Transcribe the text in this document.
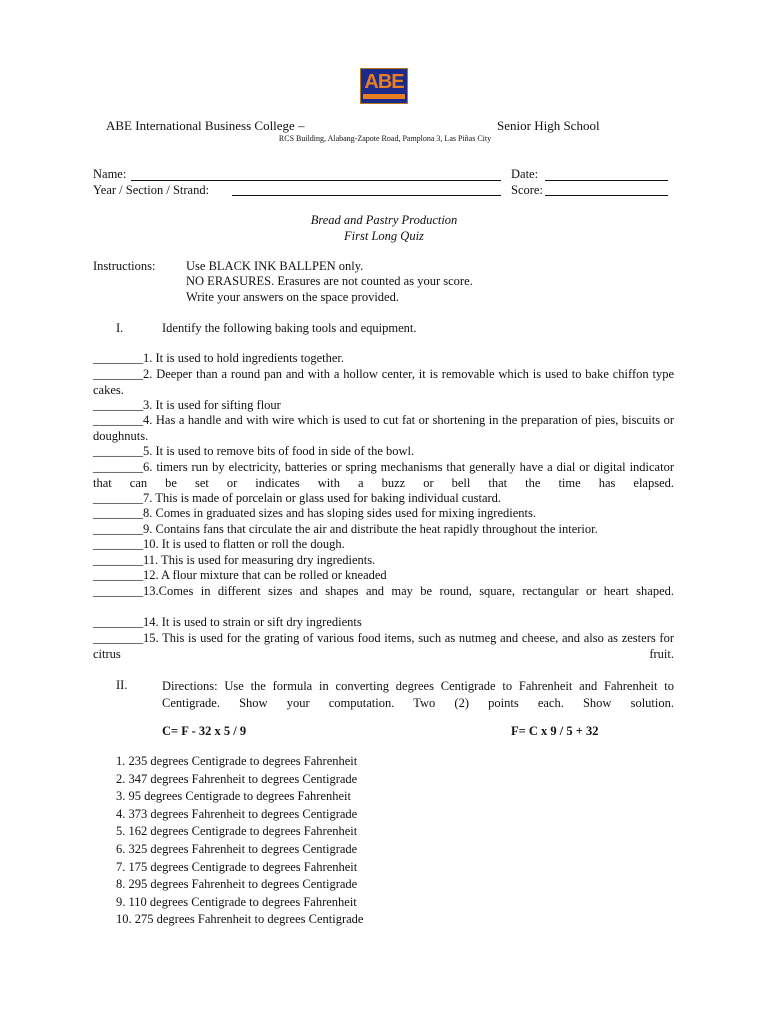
ABE
ABE International Business College –	Senior High School
RCS Building, Alabang-Zapote Road, Pamplona 3, Las Piñas City
Name:	Date:
Year / Section / Strand:	Score:
Bread and Pastry Production
First Long Quiz
Instructions: Use BLACK INK BALLPEN only.
NO ERASURES. Erasures are not counted as your score.
Write your answers on the space provided.
I.	Identify the following baking tools and equipment.
________1. It is used to hold ingredients together.
________2. Deeper than a round pan and with a hollow center, it is removable which is used to bake chiffon type cakes.
________3. It is used for sifting flour
________4. Has a handle and with wire which is used to cut fat or shortening in the preparation of pies, biscuits or doughnuts.
________5. It is used to remove bits of food in side of the bowl.
________6. timers run by electricity, batteries or spring mechanisms that generally have a dial or digital indicator that can be set or indicates with a buzz or bell that the time has elapsed.
________7. This is made of porcelain or glass used for baking individual custard.
________8. Comes in graduated sizes and has sloping sides used for mixing ingredients.
________9. Contains fans that circulate the air and distribute the heat rapidly throughout the interior.
________10. It is used to flatten or roll the dough.
________11. This is used for measuring dry ingredients.
________12. A flour mixture that can be rolled or kneaded
________13.Comes in different sizes and shapes and may be round, square, rectangular or heart shaped.
________14. It is used to strain or sift dry ingredients
________15. This is used for the grating of various food items, such as nutmeg and cheese, and also as zesters for citrus fruit.
II.	Directions: Use the formula in converting degrees Centigrade to Fahrenheit and Fahrenheit to Centigrade. Show your computation. Two (2) points each. Show solution.
C= F - 32 x 5 / 9	F= C x 9 / 5 + 32
1. 235 degrees Centigrade to degrees Fahrenheit
2. 347 degrees Fahrenheit to degrees Centigrade
3. 95 degrees Centigrade to degrees Fahrenheit
4. 373 degrees Fahrenheit to degrees Centigrade
5. 162 degrees Centigrade to degrees Fahrenheit
6. 325 degrees Fahrenheit to degrees Centigrade
7. 175 degrees Centigrade to degrees Fahrenheit
8. 295 degrees Fahrenheit to degrees Centigrade
9. 110 degrees Centigrade to degrees Fahrenheit
10. 275 degrees Fahrenheit to degrees Centigrade
